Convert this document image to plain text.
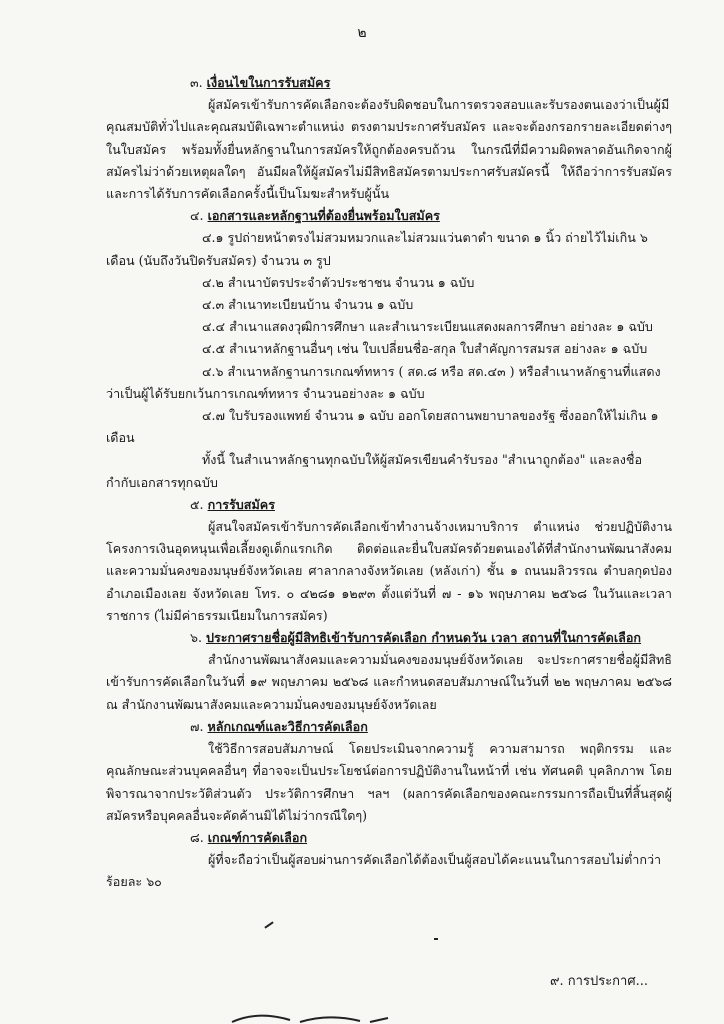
๒

๓. เงื่อนไขในการรับสมัคร

ผู้สมัครเข้ารับการคัดเลือกจะต้องรับผิดชอบในการตรวจสอบและรับรองตนเองว่าเป็นผู้มีคุณสมบัติทั่วไปและคุณสมบัติเฉพาะตำแหน่ง ตรงตามประกาศรับสมัคร และจะต้องกรอกรายละเอียดต่างๆ ในใบสมัคร พร้อมทั้งยื่นหลักฐานในการสมัครให้ถูกต้องครบถ้วน ในกรณีที่มีความผิดพลาดอันเกิดจากผู้สมัครไม่ว่าด้วยเหตุผลใดๆ อันมีผลให้ผู้สมัครไม่มีสิทธิสมัครตามประกาศรับสมัครนี้ ให้ถือว่าการรับสมัครและการได้รับการคัดเลือกครั้งนี้เป็นโมฆะสำหรับผู้นั้น

๔. เอกสารและหลักฐานที่ต้องยื่นพร้อมใบสมัคร

๔.๑ รูปถ่ายหน้าตรงไม่สวมหมวกและไม่สวมแว่นตาดำ ขนาด ๑ นิ้ว ถ่ายไว้ไม่เกิน ๖ เดือน (นับถึงวันปิดรับสมัคร) จำนวน ๓ รูป

๔.๒ สำเนาบัตรประจำตัวประชาชน จำนวน ๑ ฉบับ

๔.๓ สำเนาทะเบียนบ้าน จำนวน ๑ ฉบับ

๔.๔ สำเนาแสดงวุฒิการศึกษา และสำเนาระเบียนแสดงผลการศึกษา อย่างละ ๑ ฉบับ

๔.๕ สำเนาหลักฐานอื่นๆ เช่น ใบเปลี่ยนชื่อ-สกุล ใบสำคัญการสมรส อย่างละ ๑ ฉบับ

๔.๖ สำเนาหลักฐานการเกณฑ์ทหาร ( สด.๘ หรือ สด.๔๓ ) หรือสำเนาหลักฐานที่แสดงว่าเป็นผู้ได้รับยกเว้นการเกณฑ์ทหาร จำนวนอย่างละ ๑ ฉบับ

๔.๗ ใบรับรองแพทย์ จำนวน ๑ ฉบับ ออกโดยสถานพยาบาลของรัฐ ซึ่งออกให้ไม่เกิน ๑ เดือน

ทั้งนี้ ในสำเนาหลักฐานทุกฉบับให้ผู้สมัครเขียนคำรับรอง "สำเนาถูกต้อง" และลงชื่อกำกับเอกสารทุกฉบับ

๕. การรับสมัคร

ผู้สนใจสมัครเข้ารับการคัดเลือกเข้าทำงานจ้างเหมาบริการ ตำแหน่ง ช่วยปฏิบัติงานโครงการเงินอุดหนุนเพื่อเลี้ยงดูเด็กแรกเกิด ติดต่อและยื่นใบสมัครด้วยตนเองได้ที่สำนักงานพัฒนาสังคมและความมั่นคงของมนุษย์จังหวัดเลย ศาลากลางจังหวัดเลย (หลังเก่า) ชั้น ๑ ถนนมลิวรรณ ตำบลกุดป่อง อำเภอเมืองเลย จังหวัดเลย โทร. ๐ ๔๒๘๑ ๑๒๙๓ ตั้งแต่วันที่ ๗ - ๑๖ พฤษภาคม ๒๕๖๘ ในวันและเวลาราชการ (ไม่มีค่าธรรมเนียมในการสมัคร)

๖. ประกาศรายชื่อผู้มีสิทธิเข้ารับการคัดเลือก กำหนดวัน เวลา สถานที่ในการคัดเลือก

สำนักงานพัฒนาสังคมและความมั่นคงของมนุษย์จังหวัดเลย จะประกาศรายชื่อผู้มีสิทธิเข้ารับการคัดเลือกในวันที่ ๑๙ พฤษภาคม ๒๕๖๘ และกำหนดสอบสัมภาษณ์ในวันที่ ๒๒ พฤษภาคม ๒๕๖๘ ณ สำนักงานพัฒนาสังคมและความมั่นคงของมนุษย์จังหวัดเลย

๗. หลักเกณฑ์และวิธีการคัดเลือก

ใช้วิธีการสอบสัมภาษณ์ โดยประเมินจากความรู้ ความสามารถ พฤติกรรม และคุณลักษณะส่วนบุคคลอื่นๆ ที่อาจจะเป็นประโยชน์ต่อการปฏิบัติงานในหน้าที่ เช่น ทัศนคติ บุคลิกภาพ โดยพิจารณาจากประวัติส่วนตัว ประวัติการศึกษา ฯลฯ (ผลการคัดเลือกของคณะกรรมการถือเป็นที่สิ้นสุดผู้สมัครหรือบุคคลอื่นจะคัดค้านมิได้ไม่ว่ากรณีใดๆ)

๘. เกณฑ์การคัดเลือก

ผู้ที่จะถือว่าเป็นผู้สอบผ่านการคัดเลือกได้ต้องเป็นผู้สอบได้คะแนนในการสอบไม่ต่ำกว่าร้อยละ ๖๐

๙. การประกาศ...
